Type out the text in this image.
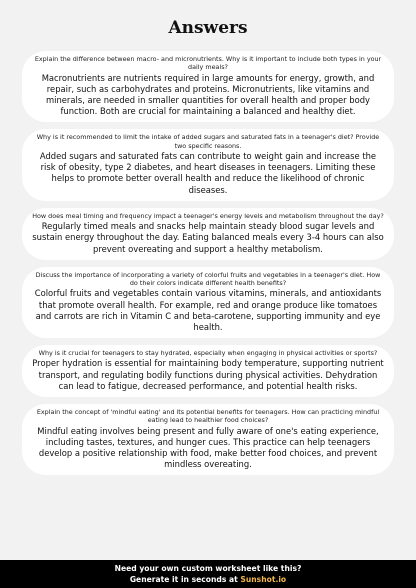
Answers
Explain the difference between macro- and micronutrients. Why is it important to include both types in your daily meals?
Macronutrients are nutrients required in large amounts for energy, growth, and repair, such as carbohydrates and proteins. Micronutrients, like vitamins and minerals, are needed in smaller quantities for overall health and proper body function. Both are crucial for maintaining a balanced and healthy diet.
Why is it recommended to limit the intake of added sugars and saturated fats in a teenager's diet? Provide two specific reasons.
Added sugars and saturated fats can contribute to weight gain and increase the risk of obesity, type 2 diabetes, and heart diseases in teenagers. Limiting these helps to promote better overall health and reduce the likelihood of chronic diseases.
How does meal timing and frequency impact a teenager's energy levels and metabolism throughout the day?
Regularly timed meals and snacks help maintain steady blood sugar levels and sustain energy throughout the day. Eating balanced meals every 3-4 hours can also prevent overeating and support a healthy metabolism.
Discuss the importance of incorporating a variety of colorful fruits and vegetables in a teenager's diet. How do their colors indicate different health benefits?
Colorful fruits and vegetables contain various vitamins, minerals, and antioxidants that promote overall health. For example, red and orange produce like tomatoes and carrots are rich in Vitamin C and beta-carotene, supporting immunity and eye health.
Why is it crucial for teenagers to stay hydrated, especially when engaging in physical activities or sports?
Proper hydration is essential for maintaining body temperature, supporting nutrient transport, and regulating bodily functions during physical activities. Dehydration can lead to fatigue, decreased performance, and potential health risks.
Explain the concept of 'mindful eating' and its potential benefits for teenagers. How can practicing mindful eating lead to healthier food choices?
Mindful eating involves being present and fully aware of one's eating experience, including tastes, textures, and hunger cues. This practice can help teenagers develop a positive relationship with food, make better food choices, and prevent mindless overeating.
Need your own custom worksheet like this?
Generate it in seconds at Sunshot.io
